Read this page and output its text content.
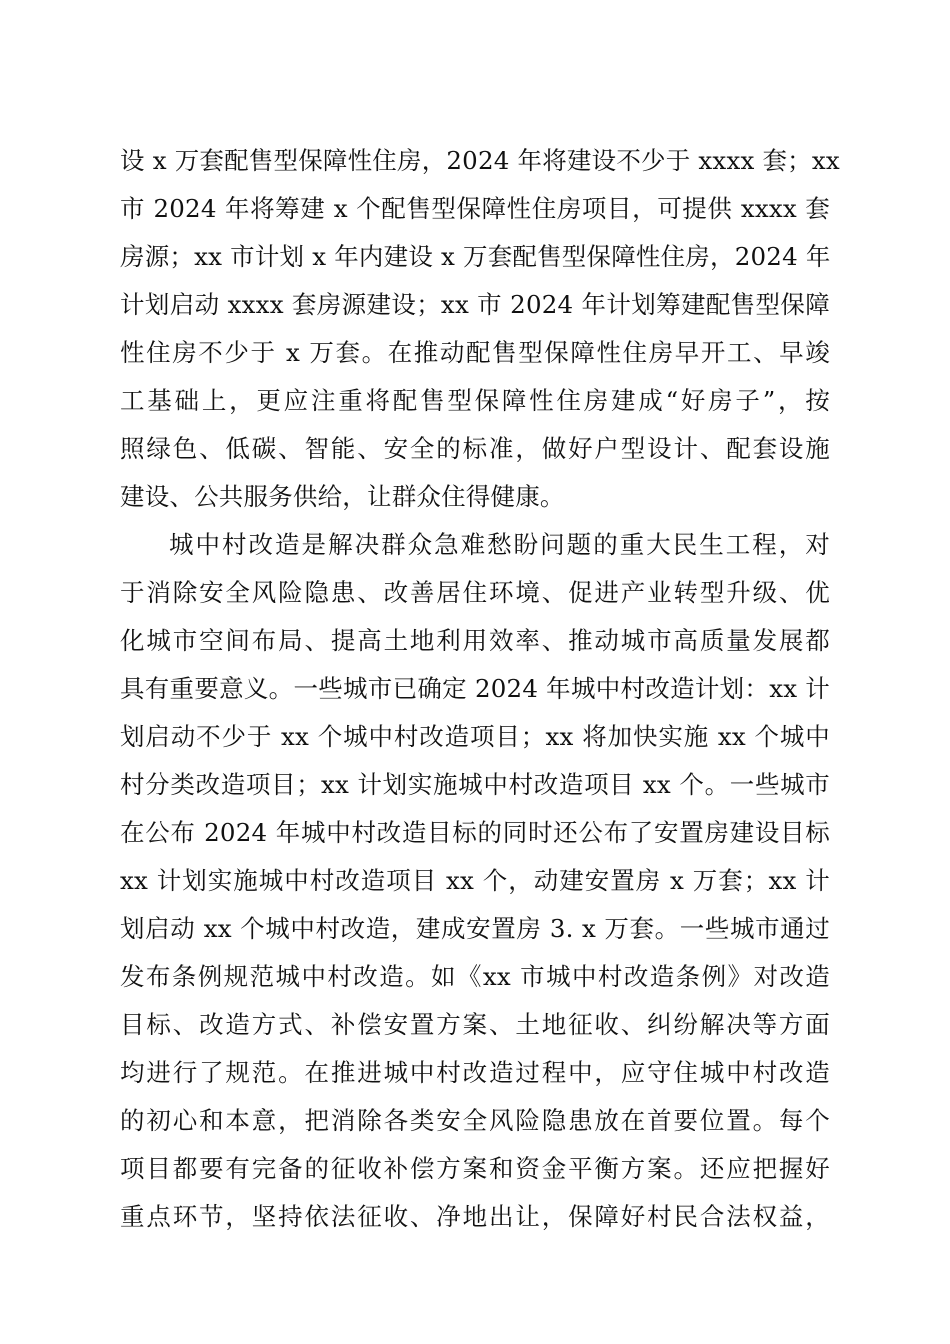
设 x 万套配售型保障性住房，2024 年将建设不少于 xxxx 套；xx
市 2024 年将筹建 x 个配售型保障性住房项目，可提供 xxxx 套
房源；xx 市计划 x 年内建设 x 万套配售型保障性住房，2024 年
计划启动 xxxx 套房源建设；xx 市 2024 年计划筹建配售型保障
性住房不少于 x 万套。在推动配售型保障性住房早开工、早竣
工基础上，更应注重将配售型保障性住房建成“好房子”，按
照绿色、低碳、智能、安全的标准，做好户型设计、配套设施
建设、公共服务供给，让群众住得健康。
城中村改造是解决群众急难愁盼问题的重大民生工程，对
于消除安全风险隐患、改善居住环境、促进产业转型升级、优
化城市空间布局、提高土地利用效率、推动城市高质量发展都
具有重要意义。一些城市已确定 2024 年城中村改造计划：xx 计
划启动不少于 xx 个城中村改造项目；xx 将加快实施 xx 个城中
村分类改造项目；xx 计划实施城中村改造项目 xx 个。一些城市
在公布 2024 年城中村改造目标的同时还公布了安置房建设目标
xx 计划实施城中村改造项目 xx 个，动建安置房 x 万套；xx 计
划启动 xx 个城中村改造，建成安置房 3. x 万套。一些城市通过
发布条例规范城中村改造。如《xx 市城中村改造条例》对改造
目标、改造方式、补偿安置方案、土地征收、纠纷解决等方面
均进行了规范。在推进城中村改造过程中，应守住城中村改造
的初心和本意，把消除各类安全风险隐患放在首要位置。每个
项目都要有完备的征收补偿方案和资金平衡方案。还应把握好
重点环节，坚持依法征收、净地出让，保障好村民合法权益，
